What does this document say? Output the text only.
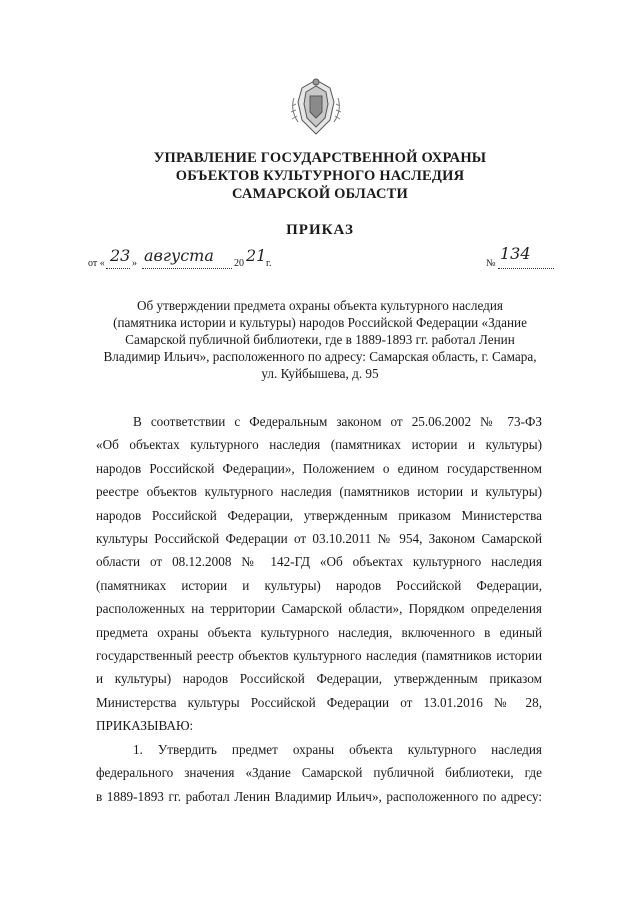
УПРАВЛЕНИЕ ГОСУДАРСТВЕННОЙ ОХРАНЫ
ОБЪЕКТОВ КУЛЬТУРНОГО НАСЛЕДИЯ
САМАРСКОЙ ОБЛАСТИ
ПРИКАЗ
от « 23 » августа 20 21 г.	№
134
Об утверждении предмета охраны объекта культурного наследия
(памятника истории и культуры) народов Российской Федерации «Здание
Самарской публичной библиотеки, где в 1889-1893 гг. работал Ленин
Владимир Ильич», расположенного по адресу: Самарская область, г. Самара,
ул. Куйбышева, д. 95
В соответствии с Федеральным законом от 25.06.2002 № 73-ФЗ
«Об объектах культурного наследия (памятниках истории и культуры)
народов Российской Федерации», Положением о едином государственном
реестре объектов культурного наследия (памятников истории и культуры)
народов Российской Федерации, утвержденным приказом Министерства
культуры Российской Федерации от 03.10.2011 № 954, Законом Самарской
области от 08.12.2008 № 142-ГД «Об объектах культурного наследия
(памятниках истории и культуры) народов Российской Федерации,
расположенных на территории Самарской области», Порядком определения
предмета охраны объекта культурного наследия, включенного в единый
государственный реестр объектов культурного наследия (памятников истории
и культуры) народов Российской Федерации, утвержденным приказом
Министерства культуры Российской Федерации от 13.01.2016 № 28,
ПРИКАЗЫВАЮ:
1. Утвердить предмет охраны объекта культурного наследия
федерального значения «Здание Самарской публичной библиотеки, где
в 1889-1893 гг. работал Ленин Владимир Ильич», расположенного по адресу:
